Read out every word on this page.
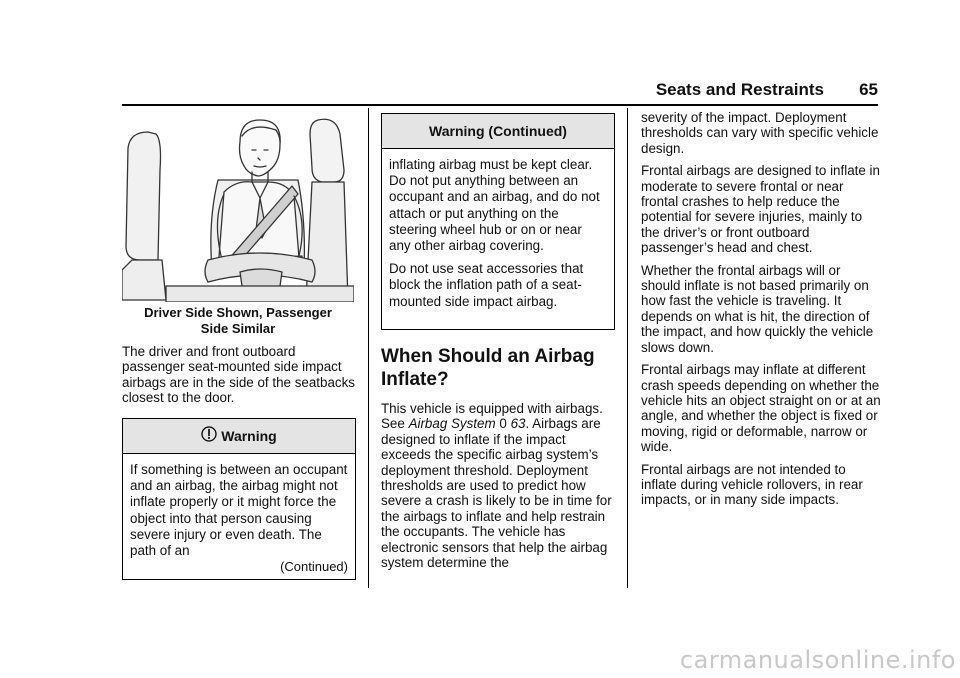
Seats and Restraints 65
Driver Side Shown, Passenger
Side Similar

The driver and front outboard passenger seat-mounted side impact airbags are in the side of the seatbacks closest to the door.

Warning

If something is between an occupant and an airbag, the airbag might not inflate properly or it might force the object into that person causing severe injury or even death. The path of an

(Continued)
Warning (Continued)

inflating airbag must be kept clear. Do not put anything between an occupant and an airbag, and do not attach or put anything on the steering wheel hub or on or near any other airbag covering.

Do not use seat accessories that block the inflation path of a seat-mounted side impact airbag.

When Should an Airbag Inflate?

This vehicle is equipped with airbags. See Airbag System 0 63. Airbags are designed to inflate if the impact exceeds the specific airbag system’s deployment threshold. Deployment thresholds are used to predict how severe a crash is likely to be in time for the airbags to inflate and help restrain the occupants. The vehicle has electronic sensors that help the airbag system determine the

severity of the impact. Deployment thresholds can vary with specific vehicle design.

Frontal airbags are designed to inflate in moderate to severe frontal or near frontal crashes to help reduce the potential for severe injuries, mainly to the driver’s or front outboard passenger’s head and chest.

Whether the frontal airbags will or should inflate is not based primarily on how fast the vehicle is traveling. It depends on what is hit, the direction of the impact, and how quickly the vehicle slows down.

Frontal airbags may inflate at different crash speeds depending on whether the vehicle hits an object straight on or at an angle, and whether the object is fixed or moving, rigid or deformable, narrow or wide.

Frontal airbags are not intended to inflate during vehicle rollovers, in rear impacts, or in many side impacts.

carmanualsonline.info
